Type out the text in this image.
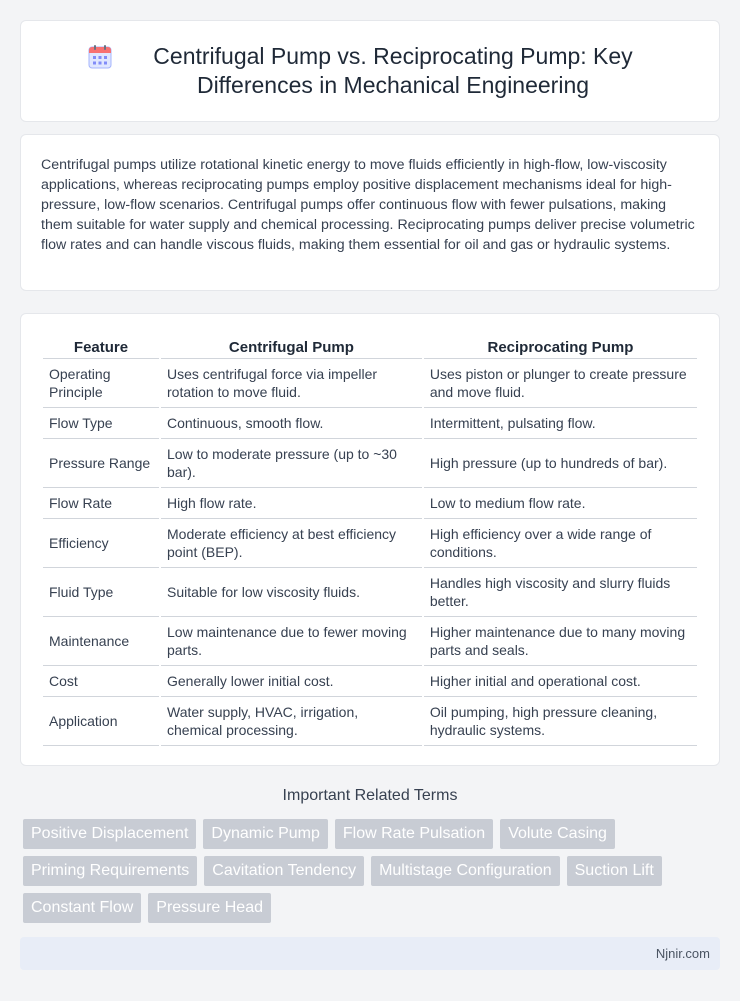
Centrifugal Pump vs. Reciprocating Pump: Key Differences in Mechanical Engineering

Centrifugal pumps utilize rotational kinetic energy to move fluids efficiently in high-flow, low-viscosity applications, whereas reciprocating pumps employ positive displacement mechanisms ideal for high-pressure, low-flow scenarios. Centrifugal pumps offer continuous flow with fewer pulsations, making them suitable for water supply and chemical processing. Reciprocating pumps deliver precise volumetric flow rates and can handle viscous fluids, making them essential for oil and gas or hydraulic systems.

Feature	Centrifugal Pump	Reciprocating Pump
Operating Principle	Uses centrifugal force via impeller rotation to move fluid.	Uses piston or plunger to create pressure and move fluid.
Flow Type	Continuous, smooth flow.	Intermittent, pulsating flow.
Pressure Range	Low to moderate pressure (up to ~30 bar).	High pressure (up to hundreds of bar).
Flow Rate	High flow rate.	Low to medium flow rate.
Efficiency	Moderate efficiency at best efficiency point (BEP).	High efficiency over a wide range of conditions.
Fluid Type	Suitable for low viscosity fluids.	Handles high viscosity and slurry fluids better.
Maintenance	Low maintenance due to fewer moving parts.	Higher maintenance due to many moving parts and seals.
Cost	Generally lower initial cost.	Higher initial and operational cost.
Application	Water supply, HVAC, irrigation, chemical processing.	Oil pumping, high pressure cleaning, hydraulic systems.
Important Related Terms
Positive Displacement	Dynamic Pump	Flow Rate Pulsation	Volute Casing
Priming Requirements	Cavitation Tendency	Multistage Configuration	Suction Lift
Constant Flow	Pressure Head
Njnir.com
